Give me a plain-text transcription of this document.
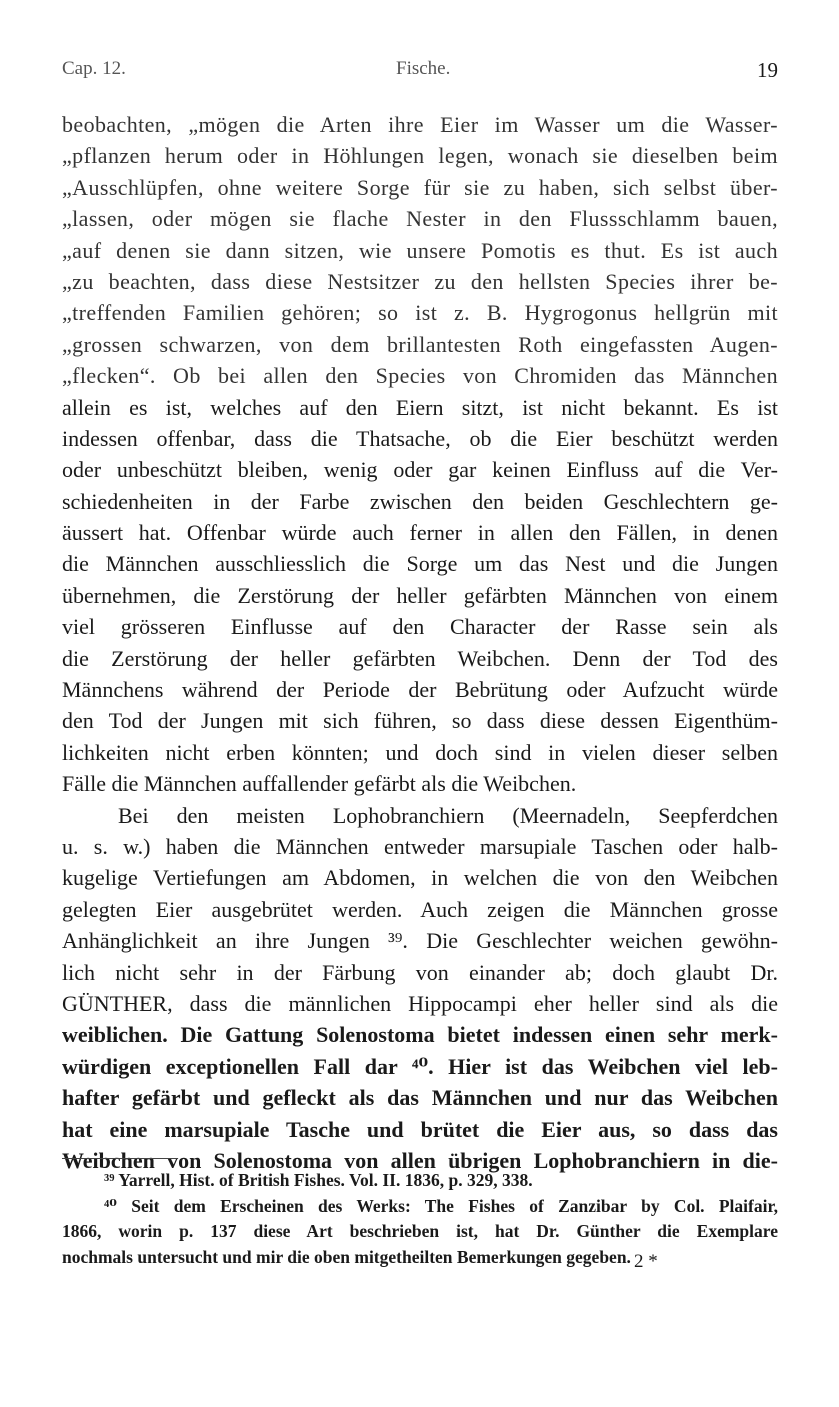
Cap. 12.	Fische.	19
beobachten, „mögen die Arten ihre Eier im Wasser um die Wasser-
„pflanzen herum oder in Höhlungen legen, wonach sie dieselben beim
„Ausschlüpfen, ohne weitere Sorge für sie zu haben, sich selbst über-
„lassen, oder mögen sie flache Nester in den Flussschlamm bauen,
„auf denen sie dann sitzen, wie unsere Pomotis es thut. Es ist auch
„zu beachten, dass diese Nestsitzer zu den hellsten Species ihrer be-
„treffenden Familien gehören; so ist z. B. Hygrogonus hellgrün mit
„grossen schwarzen, von dem brillantesten Roth eingefassten Augen-
„flecken“. Ob bei allen den Species von Chromiden das Männchen
allein es ist, welches auf den Eiern sitzt, ist nicht bekannt. Es ist
indessen offenbar, dass die Thatsache, ob die Eier beschützt werden
oder unbeschützt bleiben, wenig oder gar keinen Einfluss auf die Ver-
schiedenheiten in der Farbe zwischen den beiden Geschlechtern ge-
äussert hat. Offenbar würde auch ferner in allen den Fällen, in denen
die Männchen ausschliesslich die Sorge um das Nest und die Jungen
übernehmen, die Zerstörung der heller gefärbten Männchen von einem
viel grösseren Einflusse auf den Character der Rasse sein als
die Zerstörung der heller gefärbten Weibchen. Denn der Tod des
Männchens während der Periode der Bebrütung oder Aufzucht würde
den Tod der Jungen mit sich führen, so dass diese dessen Eigenthüm-
lichkeiten nicht erben könnten; und doch sind in vielen dieser selben
Fälle die Männchen auffallender gefärbt als die Weibchen.
Bei den meisten Lophobranchiern (Meernadeln, Seepferdchen
u. s. w.) haben die Männchen entweder marsupiale Taschen oder halb-
kugelige Vertiefungen am Abdomen, in welchen die von den Weibchen
gelegten Eier ausgebrütet werden. Auch zeigen die Männchen grosse
Anhänglichkeit an ihre Jungen ³⁹. Die Geschlechter weichen gewöhn-
lich nicht sehr in der Färbung von einander ab; doch glaubt Dr.
GÜNTHER, dass die männlichen Hippocampi eher heller sind als die
weiblichen. Die Gattung Solenostoma bietet indessen einen sehr merk-
würdigen exceptionellen Fall dar ⁴⁰. Hier ist das Weibchen viel leb-
hafter gefärbt und gefleckt als das Männchen und nur das Weibchen
hat eine marsupiale Tasche und brütet die Eier aus, so dass das
Weibchen von Solenostoma von allen übrigen Lophobranchiern in die-
³⁹ Yarrell, Hist. of British Fishes. Vol. II. 1836, p. 329, 338.
⁴⁰ Seit dem Erscheinen des Werks: The Fishes of Zanzibar by Col. Plaifair,
1866, worin p. 137 diese Art beschrieben ist, hat Dr. Günther die Exemplare
nochmals untersucht und mir die oben mitgetheilten Bemerkungen gegeben. 2 *
